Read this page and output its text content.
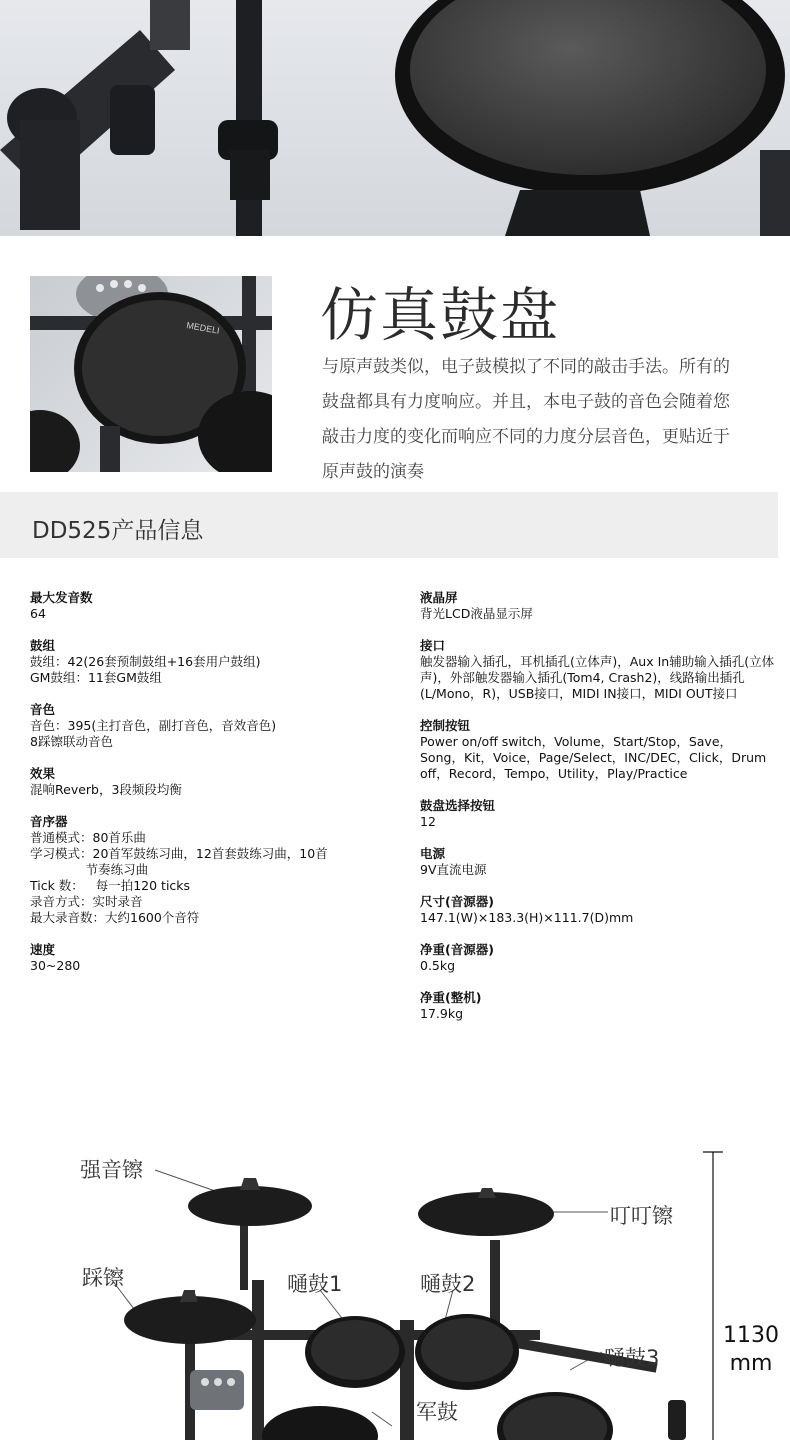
MEDELI 仿真鼓盘
与原声鼓类似，电子鼓模拟了不同的敲击手法。所有的鼓盘都具有力度响应。并且，本电子鼓的音色会随着您敲击力度的变化而响应不同的力度分层音色，更贴近于原声鼓的演奏
DD525产品信息
最大发音数
64
鼓组
鼓组：42(26套预制鼓组+16套用户鼓组)
GM鼓组：11套GM鼓组
音色
音色：395(主打音色，副打音色，音效音色)
8踩镲联动音色
效果
混响Reverb，3段频段均衡
音序器
普通模式：80首乐曲
学习模式：20首军鼓练习曲，12首套鼓练习曲，10首
节奏练习曲
Tick 数：   每一拍120 ticks
录音方式：实时录音
最大录音数：大约1600个音符
速度
30~280
液晶屏
背光LCD液晶显示屏
接口
触发器输入插孔，耳机插孔(立体声)，Aux In辅助输入插孔(立体声)，外部触发器输入插孔(Tom4, Crash2)，线路输出插孔(L/Mono，R)，USB接口，MIDI IN接口，MIDI OUT接口
控制按钮
Power on/off switch，Volume，Start/Stop，Save，Song，Kit，Voice，Page/Select，INC/DEC，Click，Drum off，Record，Tempo，Utility，Play/Practice
鼓盘选择按钮
12
电源
9V直流电源
尺寸(音源器)
147.1(W)×183.3(H)×111.7(D)mm
净重(音源器)
0.5kg
净重(整机)
17.9kg
强音镲
叮叮镲
踩镲	嗵鼓1	嗵鼓2
嗵鼓3
军鼓
1130
mm
